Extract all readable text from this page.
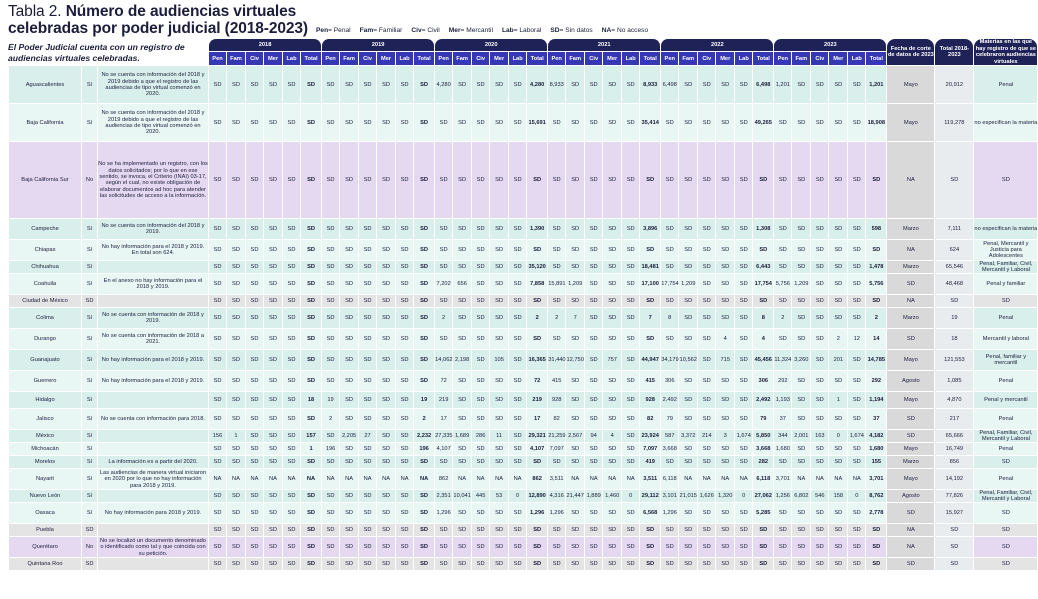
Tabla 2. Número de audiencias virtuales celebradas por poder judicial (2018-2023)
El Poder Judicial cuenta con un registro de audiencias virtuales celebradas.
Pen= Penal Fam= Familiar Civ= Civil Mer= Mercantil Lab= Laboral SD= Sin datos NA= No acceso
			2018						2019						2020						2021						2022						2023						Fecha de corte de datos de 2023	Total 2018-2023	Materias en las que hay registro de que se celebraron audiencias virtuales
			Pen	Fam	Civ	Mer	Lab	Total	Pen	Fam	Civ	Mer	Lab	Total	Pen	Fam	Civ	Mer	Lab	Total	Pen	Fam	Civ	Mer	Lab	Total	Pen	Fam	Civ	Mer	Lab	Total	Pen	Fam	Civ	Mer	Lab	Total			
Aguascalientes	Sí	No se cuenta con información del 2018 y 2019 debido a que el registro de las audiencias de tipo virtual comenzó en 2020.	SD	SD	SD	SD	SD	SD	SD	SD	SD	SD	SD	SD	4,280	SD	SD	SD	SD	4,280	8,933	SD	SD	SD	SD	8,933	6,498	SD	SD	SD	SD	6,498	1,201	SD	SD	SD	SD	1,201	Mayo	20,912	Penal
Baja California	Sí	No se cuenta con información del 2018 y 2019 debido a que el registro de las audiencias de tipo virtual comenzó en 2020.	SD	SD	SD	SD	SD	SD	SD	SD	SD	SD	SD	SD	SD	SD	SD	SD	SD	15,691	SD	SD	SD	SD	SD	35,414	SD	SD	SD	SD	SD	49,265	SD	SD	SD	SD	SD	18,908	Mayo	119,278	no especifican la materia
Baja California Sur	No	No se ha implementado un registro, con los datos solicitados; por lo que en ese sentido, se invoca, el Criterio (INAI) 03-17, según el cual, no existe obligación de elaborar documentos ad hoc para atender las solicitudes de acceso a la información.	SD	SD	SD	SD	SD	SD	SD	SD	SD	SD	SD	SD	SD	SD	SD	SD	SD	SD	SD	SD	SD	SD	SD	SD	SD	SD	SD	SD	SD	SD	SD	SD	SD	SD	SD	SD	NA	SD	SD
Campeche	Sí	No se cuenta con información del 2018 y 2019.	SD	SD	SD	SD	SD	SD	SD	SD	SD	SD	SD	SD	SD	SD	SD	SD	SD	1,390	SD	SD	SD	SD	SD	3,896	SD	SD	SD	SD	SD	1,308	SD	SD	SD	SD	SD	598	Marzo	7,111	no especifican la materia
Chiapas	Sí	No hay información para el 2018 y 2019. En total son 624.	SD	SD	SD	SD	SD	SD	SD	SD	SD	SD	SD	SD	SD	SD	SD	SD	SD	SD	SD	SD	SD	SD	SD	SD	SD	SD	SD	SD	SD	SD	SD	SD	SD	SD	SD	SD	NA	624	Penal, Mercantil y Justicia para Adolescentes
Chihuahua	Sí		SD	SD	SD	SD	SD	SD	SD	SD	SD	SD	SD	SD	SD	SD	SD	SD	SD	35,120	SD	SD	SD	SD	SD	18,481	SD	SD	SD	SD	SD	6,443	SD	SD	SD	SD	SD	1,478	Marzo	65,546	Penal, Familiar, Civil, Mercantil y Laboral
Coahuila	Sí	En el anexo no hay información para el 2018 y 2019.	SD	SD	SD	SD	SD	SD	SD	SD	SD	SD	SD	SD	7,202	656	SD	SD	SD	7,858	15,891	1,209	SD	SD	SD	17,100	17,754	1,209	SD	SD	SD	17,754	5,756	1,209	SD	SD	SD	5,756	SD	48,468	Penal y familiar
Ciudad de México	SD		SD	SD	SD	SD	SD	SD	SD	SD	SD	SD	SD	SD	SD	SD	SD	SD	SD	SD	SD	SD	SD	SD	SD	SD	SD	SD	SD	SD	SD	SD	SD	SD	SD	SD	SD	SD	NA	SD	SD
Colima	Sí	No se cuenta con información de 2018 y 2019.	SD	SD	SD	SD	SD	SD	SD	SD	SD	SD	SD	SD	2	SD	SD	SD	SD	2	2	7	SD	SD	SD	7	8	SD	SD	SD	SD	8	2	SD	SD	SD	SD	2	Marzo	19	Penal
Durango	Sí	No se cuenta con información de 2018 a 2021.	SD	SD	SD	SD	SD	SD	SD	SD	SD	SD	SD	SD	SD	SD	SD	SD	SD	SD	SD	SD	SD	SD	SD	SD	SD	SD	SD	4	SD	4	SD	SD	SD	2	12	14	SD	18	Mercantil y laboral
Guanajuato	Sí	No hay información para el 2018 y 2019.	SD	SD	SD	SD	SD	SD	SD	SD	SD	SD	SD	SD	14,062	2,198	SD	105	SD	16,365	31,440	12,750	SD	757	SD	44,947	34,179	10,562	SD	715	SD	45,456	11,324	3,260	SD	201	SD	14,785	Mayo	121,553	Penal, familiar y mercantil
Guerrero	Sí	No hay información para el 2018 y 2019.	SD	SD	SD	SD	SD	SD	SD	SD	SD	SD	SD	SD	72	SD	SD	SD	SD	72	415	SD	SD	SD	SD	415	306	SD	SD	SD	SD	306	292	SD	SD	SD	SD	292	Agosto	1,085	Penal
Hidalgo	Sí		SD	SD	SD	SD	SD	18	19	SD	SD	SD	SD	19	219	SD	SD	SD	SD	219	928	SD	SD	SD	SD	928	2,492	SD	SD	SD	SD	2,492	1,193	SD	SD	1	SD	1,194	Mayo	4,870	Penal y mercantil
Jalisco	Sí	No se cuenta con información para 2018.	SD	SD	SD	SD	SD	SD	2	SD	SD	SD	SD	2	17	SD	SD	SD	SD	17	82	SD	SD	SD	SD	82	79	SD	SD	SD	SD	79	37	SD	SD	SD	SD	37	SD	217	Penal
México	Sí		156	1	SD	SD	SD	157	SD	2,205	27	SD	SD	2,232	27,335	1,689	286	11	SD	29,321	21,259	2,567	94	4	SD	23,924	587	3,372	214	3	1,674	5,850	344	2,001	163	0	1,674	4,182	SD	65,666	Penal, Familiar, Civil, Mercantil y Laboral
Michoacán	Sí		SD	SD	SD	SD	SD	1	196	SD	SD	SD	SD	196	4,107	SD	SD	SD	SD	4,107	7,097	SD	SD	SD	SD	7,097	3,668	SD	SD	SD	SD	3,668	1,680	SD	SD	SD	SD	1,680	Mayo	16,749	Penal
Morelos	Sí	La información es a partir del 2020.	SD	SD	SD	SD	SD	SD	SD	SD	SD	SD	SD	SD	SD	SD	SD	SD	SD	SD	SD	SD	SD	SD	SD	419	SD	SD	SD	SD	SD	282	SD	SD	SD	SD	SD	155	Marzo	856	SD
Nayarit	Sí	Las audiencias de manera virtual iniciaron en 2020 por lo que no hay información para 2018 y 2019.	NA	NA	NA	NA	NA	NA	NA	NA	NA	NA	NA	NA	862	NA	NA	NA	NA	862	3,511	NA	NA	NA	NA	3,511	6,118	NA	NA	NA	NA	6,118	3,701	NA	NA	NA	NA	3,701	Mayo	14,192	Penal
Nuevo León	Sí		SD	SD	SD	SD	SD	SD	SD	SD	SD	SD	SD	SD	2,351	10,041	445	53	0	12,890	4,316	21,447	1,889	1,460	0	29,112	3,101	21,015	1,626	1,320	0	27,062	1,256	6,802	546	158	0	8,762	Agosto	77,826	Penal, Familiar, Civil, Mercantil y Laboral
Oaxaca	Sí	No hay información para 2018 y 2019.	SD	SD	SD	SD	SD	SD	SD	SD	SD	SD	SD	SD	1,296	SD	SD	SD	SD	1,296	1,296	SD	SD	SD	SD	6,568	1,296	SD	SD	SD	SD	5,285	SD	SD	SD	SD	SD	2,778	SD	15,927	SD
Puebla	SD		SD	SD	SD	SD	SD	SD	SD	SD	SD	SD	SD	SD	SD	SD	SD	SD	SD	SD	SD	SD	SD	SD	SD	SD	SD	SD	SD	SD	SD	SD	SD	SD	SD	SD	SD	SD	NA	SD	SD
Querétaro	No	No se localizó un documento denominado o identificado como tal y que coincida con su petición.	SD	SD	SD	SD	SD	SD	SD	SD	SD	SD	SD	SD	SD	SD	SD	SD	SD	SD	SD	SD	SD	SD	SD	SD	SD	SD	SD	SD	SD	SD	SD	SD	SD	SD	SD	SD	NA	SD	SD
Quintana Roo	SD		SD	SD	SD	SD	SD	SD	SD	SD	SD	SD	SD	SD	SD	SD	SD	SD	SD	SD	SD	SD	SD	SD	SD	SD	SD	SD	SD	SD	SD	SD	SD	SD	SD	SD	SD	SD	SD	SD	SD
